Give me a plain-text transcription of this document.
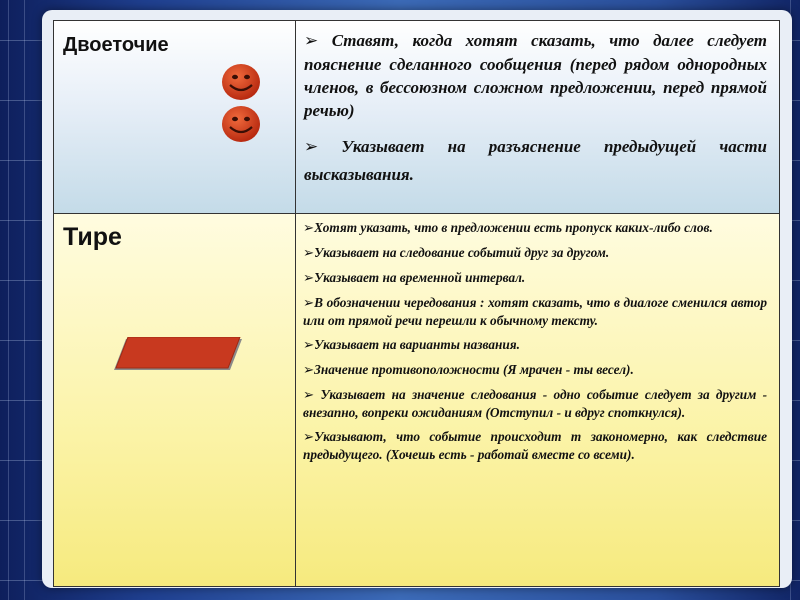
➢ Ставят, когда хотят сказать, что далее следует пояснение сделанного сообщения (перед рядом однородных членов, в бессоюзном сложном предложении, перед прямой речью)

➢ Указывает на разъяснение предыдущей части высказывания.

➢Хотят указать, что в предложении есть пропуск каких-либо слов.

➢Указывает на следование событий друг за другом.

➢Указывает на временной интервал.

➢В обозначении чередования : хотят сказать, что в диалоге сменился автор или от прямой речи перешли к обычному тексту.

➢Указывает на варианты названия.

➢Значение противоположности (Я мрачен - ты весел).

➢ Указывает на значение следования - одно событие следует за другим - внезапно, вопреки ожиданиям (Отступил - и вдруг споткнулся).

➢Указывают, что событие происходит т закономерно, как следствие предыдущего. (Хочешь есть - работай вместе со всеми).

Двоеточие
Тире
